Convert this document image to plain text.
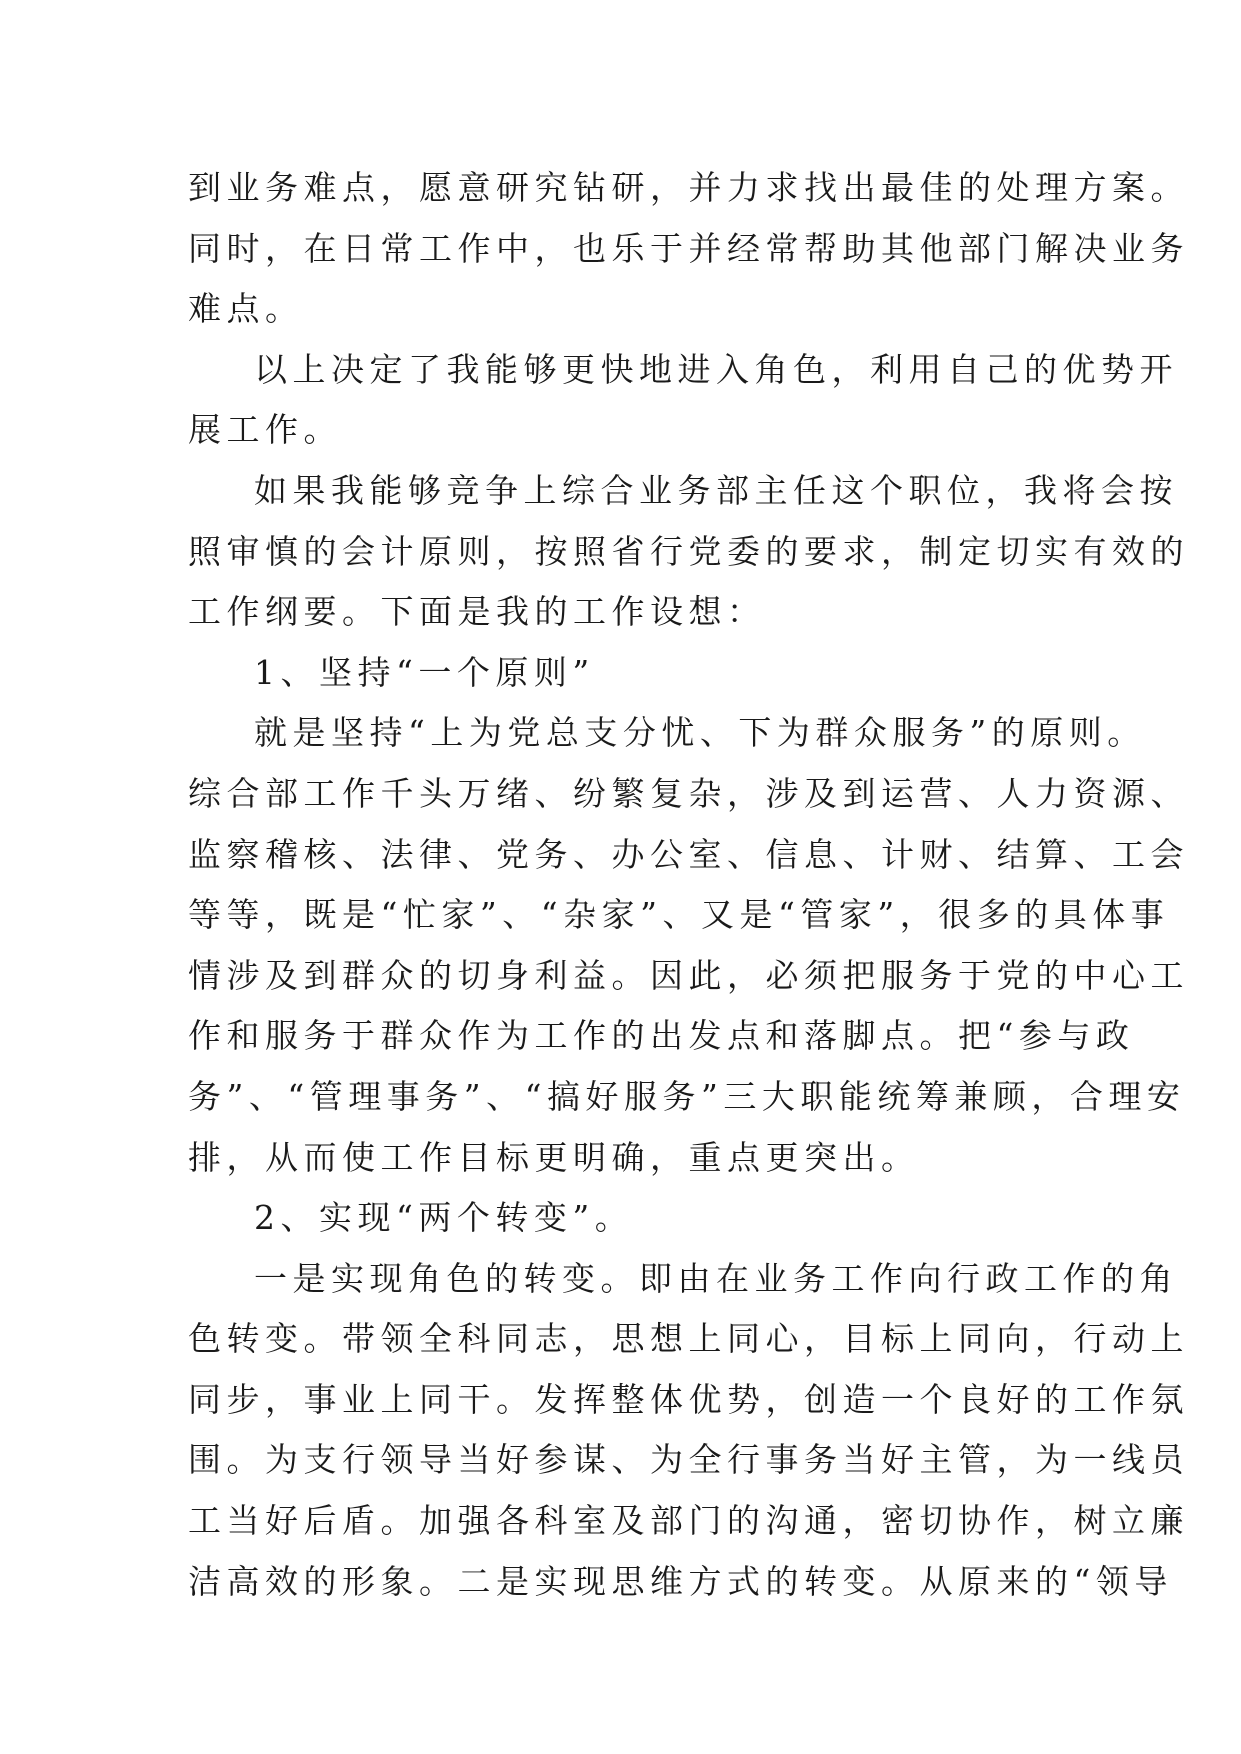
到业务难点，愿意研究钻研，并力求找出最佳的处理方案。
同时，在日常工作中，也乐于并经常帮助其他部门解决业务
难点。
以上决定了我能够更快地进入角色，利用自己的优势开
展工作。
如果我能够竞争上综合业务部主任这个职位，我将会按
照审慎的会计原则，按照省行党委的要求，制定切实有效的
工作纲要。下面是我的工作设想：
1、坚持“一个原则”
就是坚持“上为党总支分忧、下为群众服务”的原则。
综合部工作千头万绪、纷繁复杂，涉及到运营、人力资源、
监察稽核、法律、党务、办公室、信息、计财、结算、工会
等等，既是“忙家”、“杂家”、又是“管家”，很多的具体事
情涉及到群众的切身利益。因此，必须把服务于党的中心工
作和服务于群众作为工作的出发点和落脚点。把“参与政
务”、“管理事务”、“搞好服务”三大职能统筹兼顾，合理安
排，从而使工作目标更明确，重点更突出。
2、实现“两个转变”。
一是实现角色的转变。即由在业务工作向行政工作的角
色转变。带领全科同志，思想上同心，目标上同向，行动上
同步，事业上同干。发挥整体优势，创造一个良好的工作氛
围。为支行领导当好参谋、为全行事务当好主管，为一线员
工当好后盾。加强各科室及部门的沟通，密切协作，树立廉
洁高效的形象。二是实现思维方式的转变。从原来的“领导
